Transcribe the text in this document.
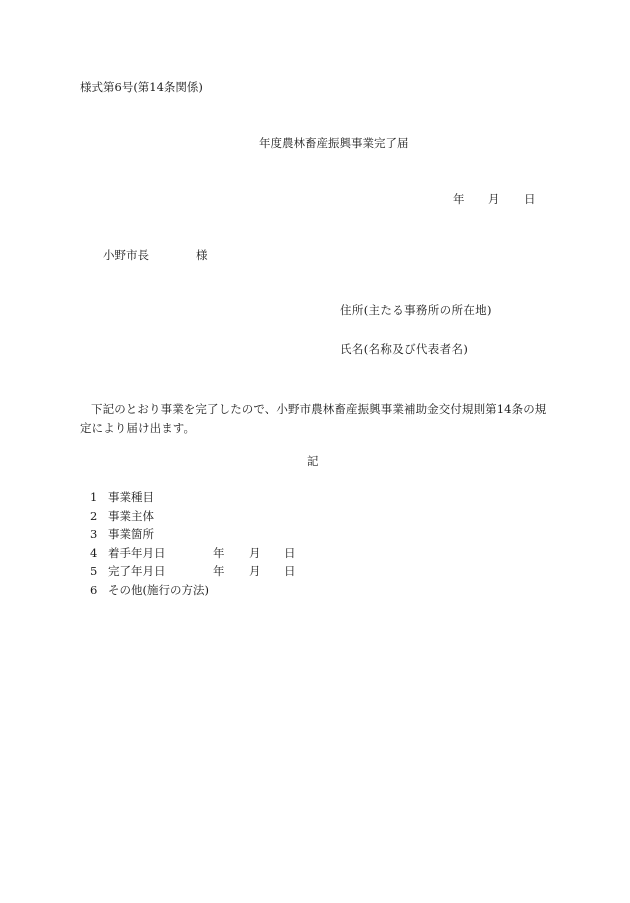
様式第6号(第14条関係)
年度農林畜産振興事業完了届
年 月 日
小野市長	様
住所(主たる事務所の所在地)
氏名(名称及び代表者名)
下記のとおり事業を完了したので、小野市農林畜産振興事業補助金交付規則第14条の規定により届け出ます。
記
1 事業種目
2 事業主体
3 事業箇所
4 着手年月日	年 月 日
5 完了年月日	年 月 日
6 その他(施行の方法)
